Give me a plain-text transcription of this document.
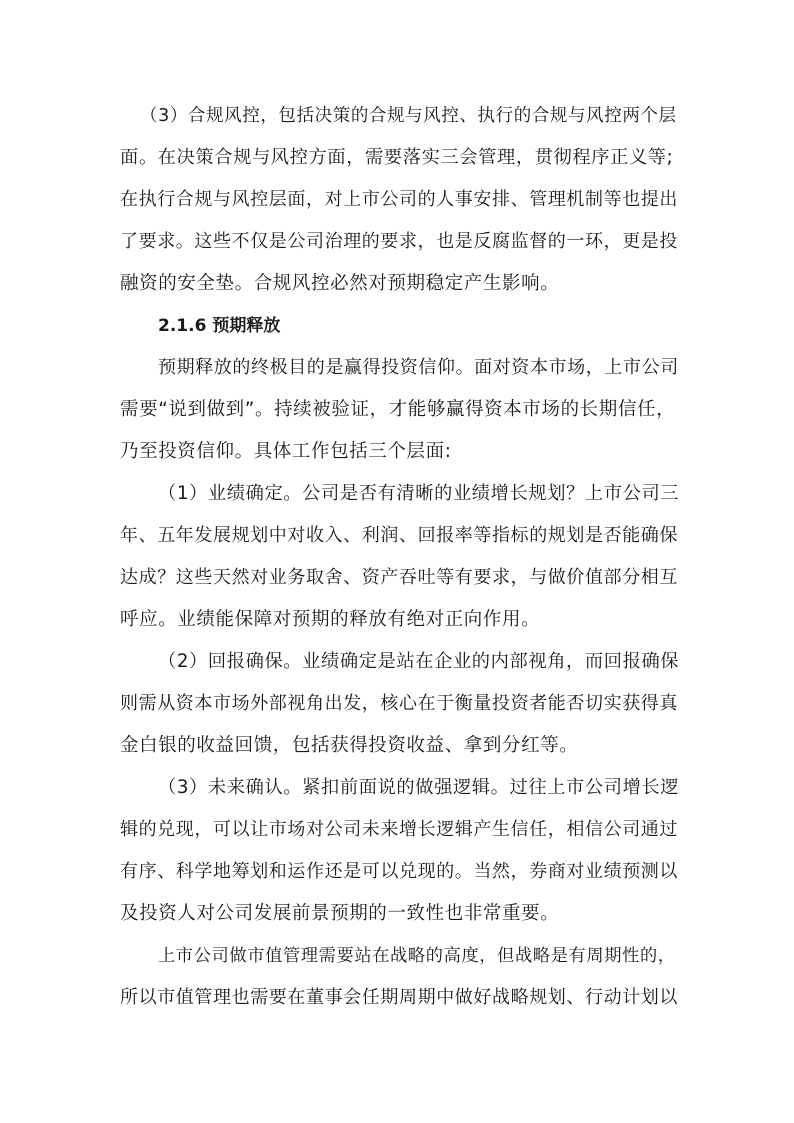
（3）合规风控，包括决策的合规与风控、执行的合规与风控两个层
面。在决策合规与风控方面，需要落实三会管理，贯彻程序正义等;
在执行合规与风控层面，对上市公司的人事安排、管理机制等也提出
了要求。这些不仅是公司治理的要求，也是反腐监督的一环，更是投
融资的安全垫。合规风控必然对预期稳定产生影响。
2.1.6 预期释放
预期释放的终极目的是赢得投资信仰。面对资本市场，上市公司
需要“说到做到”。持续被验证，才能够赢得资本市场的长期信任，
乃至投资信仰。具体工作包括三个层面:
（1）业绩确定。公司是否有清晰的业绩增长规划？上市公司三
年、五年发展规划中对收入、利润、回报率等指标的规划是否能确保
达成？这些天然对业务取舍、资产吞吐等有要求，与做价值部分相互
呼应。业绩能保障对预期的释放有绝对正向作用。
（2）回报确保。业绩确定是站在企业的内部视角，而回报确保
则需从资本市场外部视角出发，核心在于衡量投资者能否切实获得真
金白银的收益回馈，包括获得投资收益、拿到分红等。
（3）未来确认。紧扣前面说的做强逻辑。过往上市公司增长逻
辑的兑现，可以让市场对公司未来增长逻辑产生信任，相信公司通过
有序、科学地筹划和运作还是可以兑现的。当然，券商对业绩预测以
及投资人对公司发展前景预期的一致性也非常重要。
上市公司做市值管理需要站在战略的高度，但战略是有周期性的，
所以市值管理也需要在董事会任期周期中做好战略规划、行动计划以
